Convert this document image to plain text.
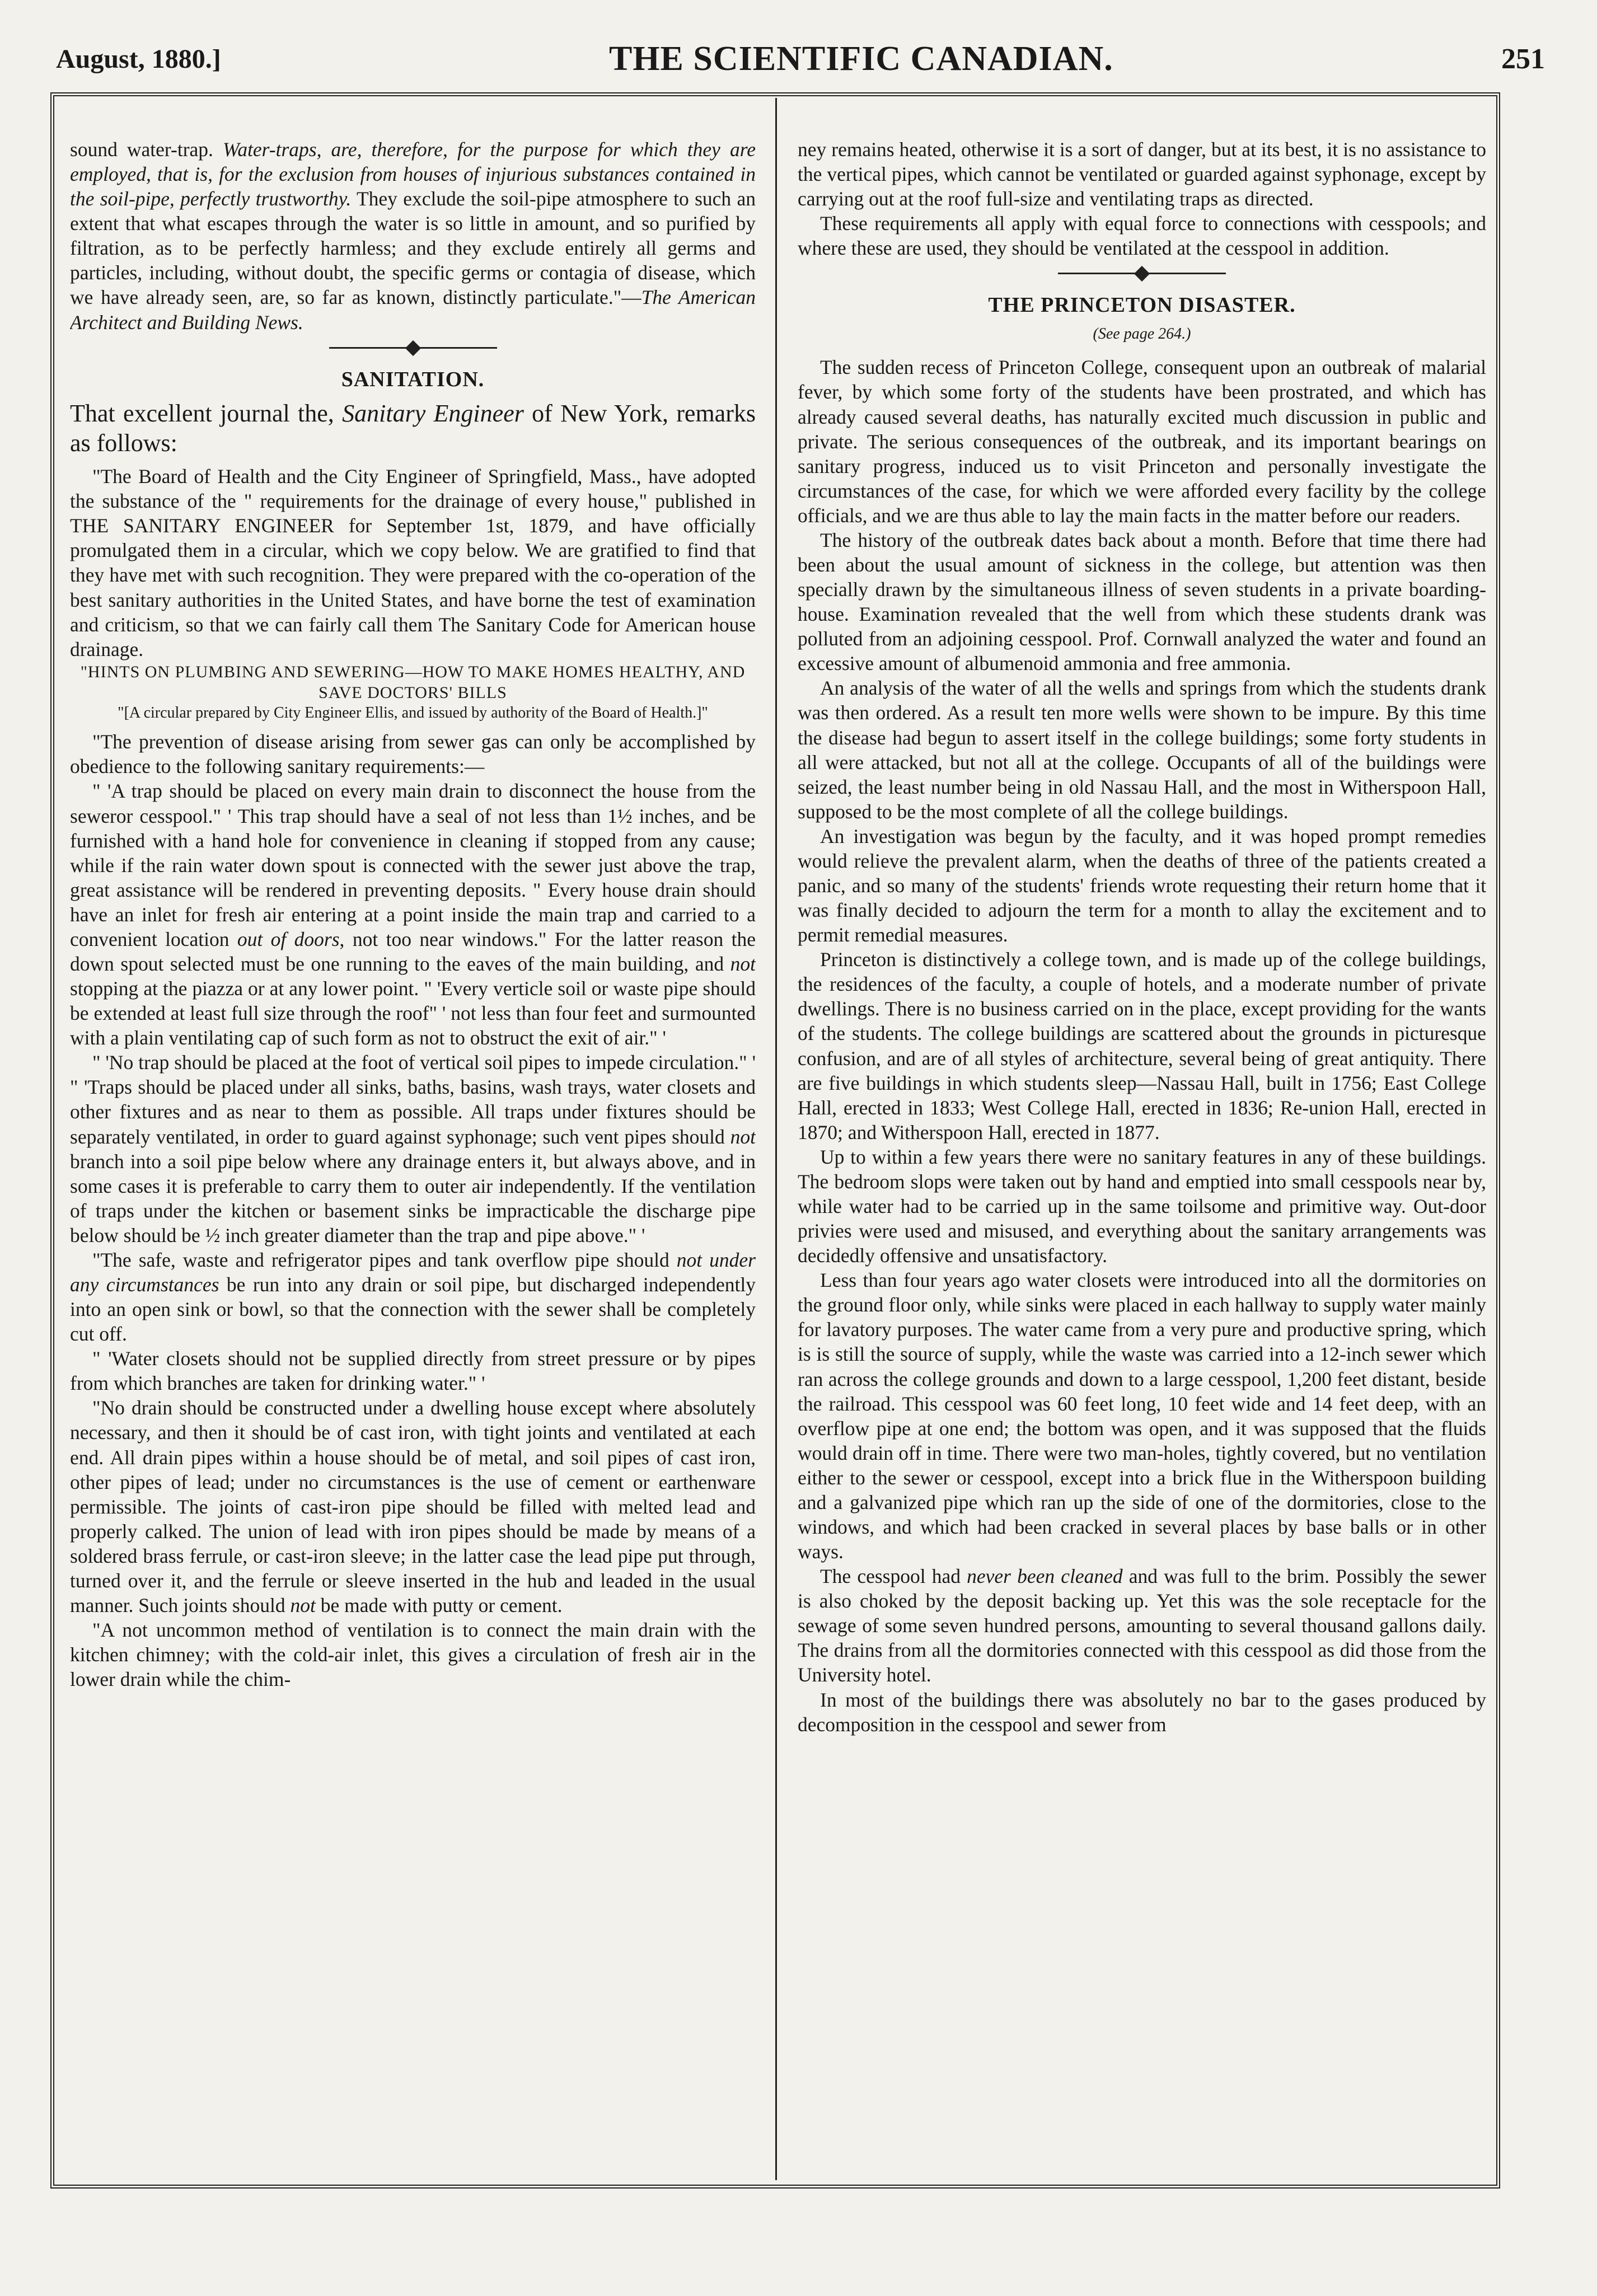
August, 1880.]	THE SCIENTIFIC CANADIAN.	251

sound water-trap. Water-traps, are, therefore, for the purpose for which they are employed, that is, for the exclusion from houses of injurious substances contained in the soil-pipe, perfectly trustworthy. They exclude the soil-pipe atmosphere to such an extent that what escapes through the water is so little in amount, and so purified by filtration, as to be perfectly harmless; and they exclude entirely all germs and particles, including, without doubt, the specific germs or contagia of disease, which we have already seen, are, so far as known, distinctly particulate."—The American Architect and Building News.

SANITATION.

That excellent journal the, Sanitary Engineer of New York, remarks as follows:

"The Board of Health and the City Engineer of Springfield, Mass., have adopted the substance of the " requirements for the drainage of every house," published in THE SANITARY ENGINEER for September 1st, 1879, and have officially promulgated them in a circular, which we copy below. We are gratified to find that they have met with such recognition. They were prepared with the co-operation of the best sanitary authorities in the United States, and have borne the test of examination and criticism, so that we can fairly call them The Sanitary Code for American house drainage.

"HINTS ON PLUMBING AND SEWERING—HOW TO MAKE HOMES HEALTHY, AND SAVE DOCTORS' BILLS

"[A circular prepared by City Engineer Ellis, and issued by authority of the Board of Health.]"

"The prevention of disease arising from sewer gas can only be accomplished by obedience to the following sanitary requirements:—

" 'A trap should be placed on every main drain to disconnect the house from the seweror cesspool." ' This trap should have a seal of not less than 1½ inches, and be furnished with a hand hole for convenience in cleaning if stopped from any cause; while if the rain water down spout is connected with the sewer just above the trap, great assistance will be rendered in preventing deposits. " Every house drain should have an inlet for fresh air entering at a point inside the main trap and carried to a convenient location out of doors, not too near windows." For the latter reason the down spout selected must be one running to the eaves of the main building, and not stopping at the piazza or at any lower point. " 'Every verticle soil or waste pipe should be extended at least full size through the roof" ' not less than four feet and surmounted with a plain ventilating cap of such form as not to obstruct the exit of air." '

" 'No trap should be placed at the foot of vertical soil pipes to impede circulation." ' " 'Traps should be placed under all sinks, baths, basins, wash trays, water closets and other fixtures and as near to them as possible. All traps under fixtures should be separately ventilated, in order to guard against syphonage; such vent pipes should not branch into a soil pipe below where any drainage enters it, but always above, and in some cases it is preferable to carry them to outer air independently. If the ventilation of traps under the kitchen or basement sinks be impracticable the discharge pipe below should be ½ inch greater diameter than the trap and pipe above." '

"The safe, waste and refrigerator pipes and tank overflow pipe should not under any circumstances be run into any drain or soil pipe, but discharged independently into an open sink or bowl, so that the connection with the sewer shall be completely cut off.

" 'Water closets should not be supplied directly from street pressure or by pipes from which branches are taken for drinking water." '

"No drain should be constructed under a dwelling house except where absolutely necessary, and then it should be of cast iron, with tight joints and ventilated at each end. All drain pipes within a house should be of metal, and soil pipes of cast iron, other pipes of lead; under no circumstances is the use of cement or earthenware permissible. The joints of cast-iron pipe should be filled with melted lead and properly calked. The union of lead with iron pipes should be made by means of a soldered brass ferrule, or cast-iron sleeve; in the latter case the lead pipe put through, turned over it, and the ferrule or sleeve inserted in the hub and leaded in the usual manner. Such joints should not be made with putty or cement.

"A not uncommon method of ventilation is to connect the main drain with the kitchen chimney; with the cold-air inlet, this gives a circulation of fresh air in the lower drain while the chim-

ney remains heated, otherwise it is a sort of danger, but at its best, it is no assistance to the vertical pipes, which cannot be ventilated or guarded against syphonage, except by carrying out at the roof full-size and ventilating traps as directed.

These requirements all apply with equal force to connections with cesspools; and where these are used, they should be ventilated at the cesspool in addition.

THE PRINCETON DISASTER.
(See page 264.)

The sudden recess of Princeton College, consequent upon an outbreak of malarial fever, by which some forty of the students have been prostrated, and which has already caused several deaths, has naturally excited much discussion in public and private. The serious consequences of the outbreak, and its important bearings on sanitary progress, induced us to visit Princeton and personally investigate the circumstances of the case, for which we were afforded every facility by the college officials, and we are thus able to lay the main facts in the matter before our readers.

The history of the outbreak dates back about a month. Before that time there had been about the usual amount of sickness in the college, but attention was then specially drawn by the simultaneous illness of seven students in a private boarding-house. Examination revealed that the well from which these students drank was polluted from an adjoining cesspool. Prof. Cornwall analyzed the water and found an excessive amount of albumenoid ammonia and free ammonia.

An analysis of the water of all the wells and springs from which the students drank was then ordered. As a result ten more wells were shown to be impure. By this time the disease had begun to assert itself in the college buildings; some forty students in all were attacked, but not all at the college. Occupants of all of the buildings were seized, the least number being in old Nassau Hall, and the most in Witherspoon Hall, supposed to be the most complete of all the college buildings.

An investigation was begun by the faculty, and it was hoped prompt remedies would relieve the prevalent alarm, when the deaths of three of the patients created a panic, and so many of the students' friends wrote requesting their return home that it was finally decided to adjourn the term for a month to allay the excitement and to permit remedial measures.

Princeton is distinctively a college town, and is made up of the college buildings, the residences of the faculty, a couple of hotels, and a moderate number of private dwellings. There is no business carried on in the place, except providing for the wants of the students. The college buildings are scattered about the grounds in picturesque confusion, and are of all styles of architecture, several being of great antiquity. There are five buildings in which students sleep—Nassau Hall, built in 1756; East College Hall, erected in 1833; West College Hall, erected in 1836; Re-union Hall, erected in 1870; and Witherspoon Hall, erected in 1877.

Up to within a few years there were no sanitary features in any of these buildings. The bedroom slops were taken out by hand and emptied into small cesspools near by, while water had to be carried up in the same toilsome and primitive way. Out-door privies were used and misused, and everything about the sanitary arrangements was decidedly offensive and unsatisfactory.

Less than four years ago water closets were introduced into all the dormitories on the ground floor only, while sinks were placed in each hallway to supply water mainly for lavatory purposes. The water came from a very pure and productive spring, which is is still the source of supply, while the waste was carried into a 12-inch sewer which ran across the college grounds and down to a large cesspool, 1,200 feet distant, beside the railroad. This cesspool was 60 feet long, 10 feet wide and 14 feet deep, with an overflow pipe at one end; the bottom was open, and it was supposed that the fluids would drain off in time. There were two man-holes, tightly covered, but no ventilation either to the sewer or cesspool, except into a brick flue in the Witherspoon building and a galvanized pipe which ran up the side of one of the dormitories, close to the windows, and which had been cracked in several places by base balls or in other ways.

The cesspool had never been cleaned and was full to the brim. Possibly the sewer is also choked by the deposit backing up. Yet this was the sole receptacle for the sewage of some seven hundred persons, amounting to several thousand gallons daily. The drains from all the dormitories connected with this cesspool as did those from the University hotel.

In most of the buildings there was absolutely no bar to the gases produced by decomposition in the cesspool and sewer from
